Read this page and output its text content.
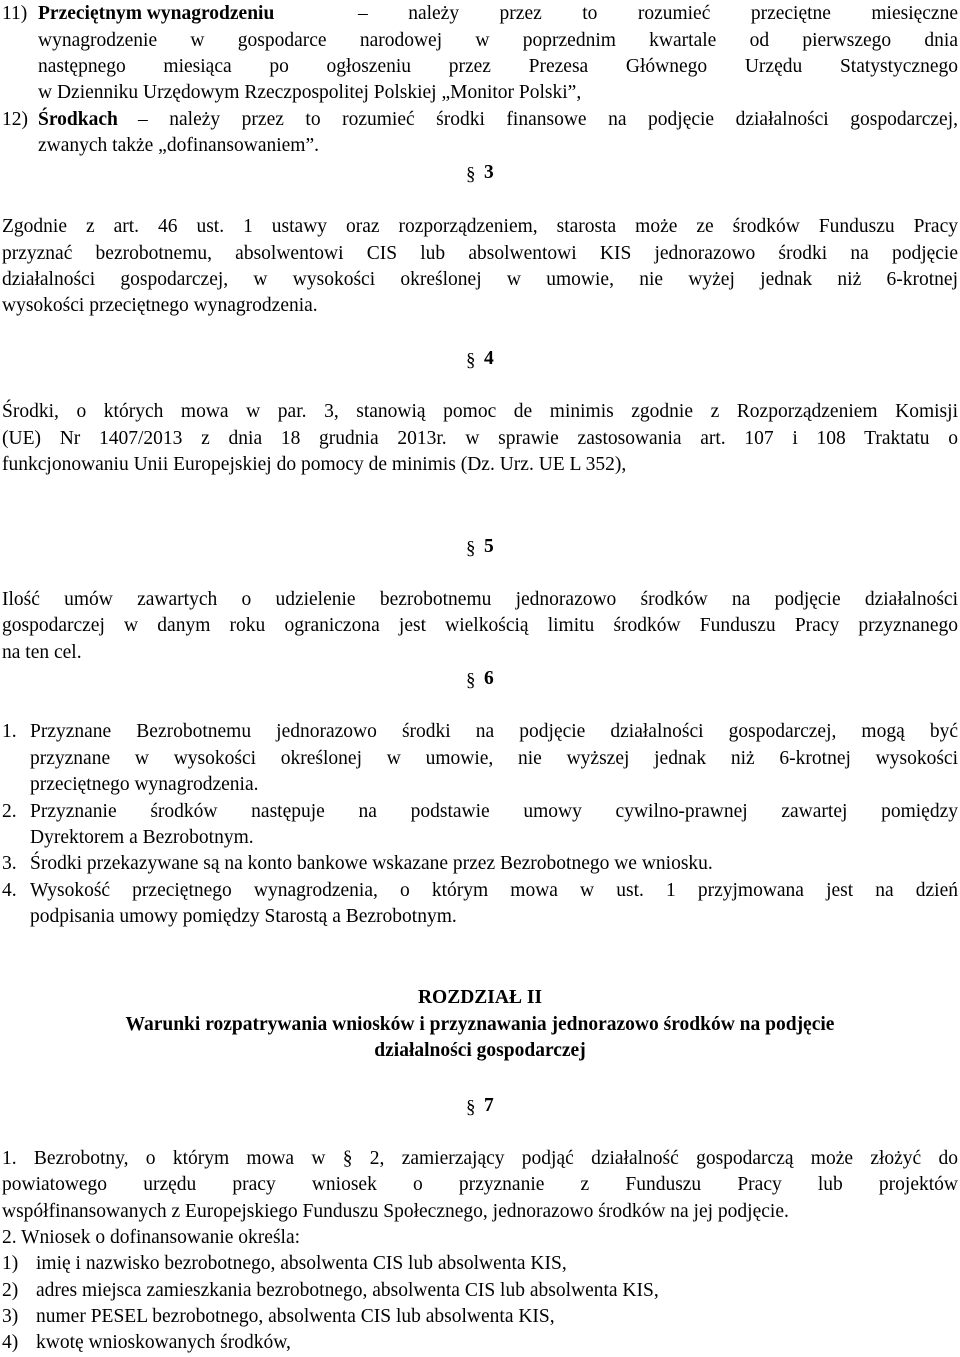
11) Przeciętnym wynagrodzeniu	– należy przez to rozumieć przeciętne miesięczne
wynagrodzenie w gospodarce narodowej w poprzednim kwartale od pierwszego dnia
następnego miesiąca po ogłoszeniu przez Prezesa Głównego Urzędu Statystycznego
w Dzienniku Urzędowym Rzeczpospolitej Polskiej „Monitor Polski”,
12) Środkach – należy przez to rozumieć środki finansowe na podjęcie działalności gospodarczej,
zwanych także „dofinansowaniem”.
§3
Zgodnie z art. 46 ust. 1 ustawy oraz rozporządzeniem, starosta może ze środków Funduszu Pracy
przyznać bezrobotnemu, absolwentowi CIS lub absolwentowi KIS jednorazowo środki na podjęcie
działalności gospodarczej, w wysokości określonej w umowie, nie wyżej jednak niż 6-krotnej
wysokości przeciętnego wynagrodzenia.
§4
Środki, o których mowa w par. 3, stanowią pomoc de minimis zgodnie z Rozporządzeniem Komisji
(UE) Nr 1407/2013 z dnia 18 grudnia 2013r. w sprawie zastosowania art. 107 i 108 Traktatu o
funkcjonowaniu Unii Europejskiej do pomocy de minimis (Dz. Urz. UE L 352),
§5
Ilość umów zawartych o udzielenie bezrobotnemu jednorazowo środków na podjęcie działalności
gospodarczej w danym roku ograniczona jest wielkością limitu środków Funduszu Pracy przyznanego
na ten cel.
§6
1. Przyznane Bezrobotnemu jednorazowo środki na podjęcie działalności gospodarczej, mogą być
przyznane w wysokości określonej w umowie, nie wyższej jednak niż 6-krotnej wysokości
przeciętnego wynagrodzenia.
2. Przyznanie środków następuje na podstawie umowy cywilno-prawnej zawartej pomiędzy
Dyrektorem a Bezrobotnym.
3. Środki przekazywane są na konto bankowe wskazane przez Bezrobotnego we wniosku.
4. Wysokość przeciętnego wynagrodzenia, o którym mowa w ust. 1 przyjmowana jest na dzień
podpisania umowy pomiędzy Starostą a Bezrobotnym.
ROZDZIAŁ II
Warunki rozpatrywania wniosków i przyznawania jednorazowo środków na podjęcie
działalności gospodarczej
§7
1. Bezrobotny, o którym mowa w § 2, zamierzający podjąć działalność gospodarczą może złożyć do
powiatowego urzędu pracy wniosek o przyznanie z Funduszu Pracy lub projektów
współfinansowanych z Europejskiego Funduszu Społecznego, jednorazowo środków na jej podjęcie.
2. Wniosek o dofinansowanie określa:
1) imię i nazwisko bezrobotnego, absolwenta CIS lub absolwenta KIS,
2) adres miejsca zamieszkania bezrobotnego, absolwenta CIS lub absolwenta KIS,
3) numer PESEL bezrobotnego, absolwenta CIS lub absolwenta KIS,
4) kwotę wnioskowanych środków,
